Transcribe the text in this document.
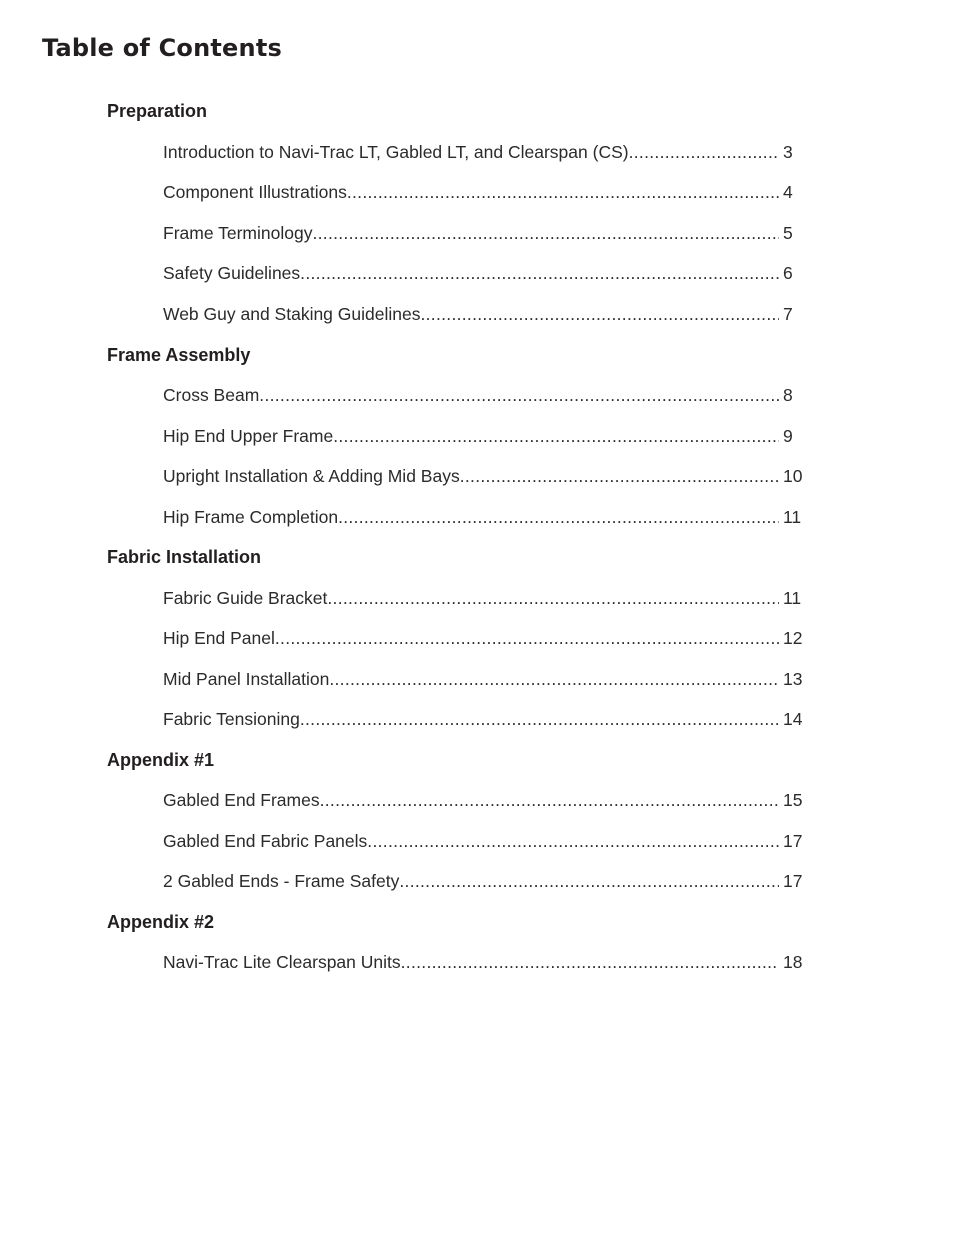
Table of Contents
Preparation
Introduction to Navi-Trac LT, Gabled LT, and Clearspan (CS) .....	3
Component Illustrations .....	4
Frame Terminology .....	5
Safety Guidelines .....	6
Web Guy and Staking Guidelines .....	7
Frame Assembly
Cross Beam .....	8
Hip End Upper Frame .....	9
Upright Installation & Adding Mid Bays .....	10
Hip Frame Completion .....	11
Fabric Installation
Fabric Guide Bracket .....	11
Hip End Panel .....	12
Mid Panel Installation .....	13
Fabric Tensioning .....	14
Appendix #1
Gabled End Frames .....	15
Gabled End Fabric Panels .....	17
2 Gabled Ends - Frame Safety .....	17
Appendix #2
Navi-Trac Lite Clearspan Units .....	18
